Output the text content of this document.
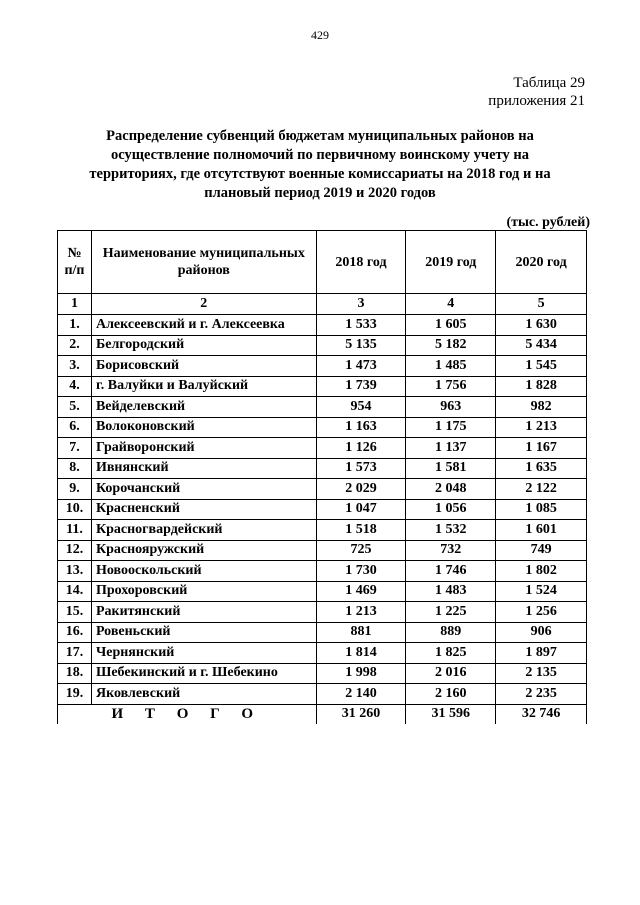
429
Таблица 29
приложения 21
Распределение субвенций бюджетам муниципальных районов на осуществление полномочий по первичному воинскому учету на территориях, где отсутствуют военные комиссариаты на 2018 год и на плановый период 2019 и 2020 годов
(тыс. рублей)
№ п/п	Наименование муниципальных районов	2018 год	2019 год	2020 год
1	2	3	4	5
1.	Алексеевский и г. Алексеевка	1 533	1 605	1 630
2.	Белгородский	5 135	5 182	5 434
3.	Борисовский	1 473	1 485	1 545
4.	г. Валуйки и Валуйский	1 739	1 756	1 828
5.	Вейделевский	954	963	982
6.	Волоконовский	1 163	1 175	1 213
7.	Грайворонский	1 126	1 137	1 167
8.	Ивнянский	1 573	1 581	1 635
9.	Корочанский	2 029	2 048	2 122
10.	Красненский	1 047	1 056	1 085
11.	Красногвардейский	1 518	1 532	1 601
12.	Краснояружский	725	732	749
13.	Новооскольский	1 730	1 746	1 802
14.	Прохоровский	1 469	1 483	1 524
15.	Ракитянский	1 213	1 225	1 256
16.	Ровеньский	881	889	906
17.	Чернянский	1 814	1 825	1 897
18.	Шебекинский и г. Шебекино	1 998	2 016	2 135
19.	Яковлевский	2 140	2 160	2 235
И Т О Г О		31 260	31 596	32 746
